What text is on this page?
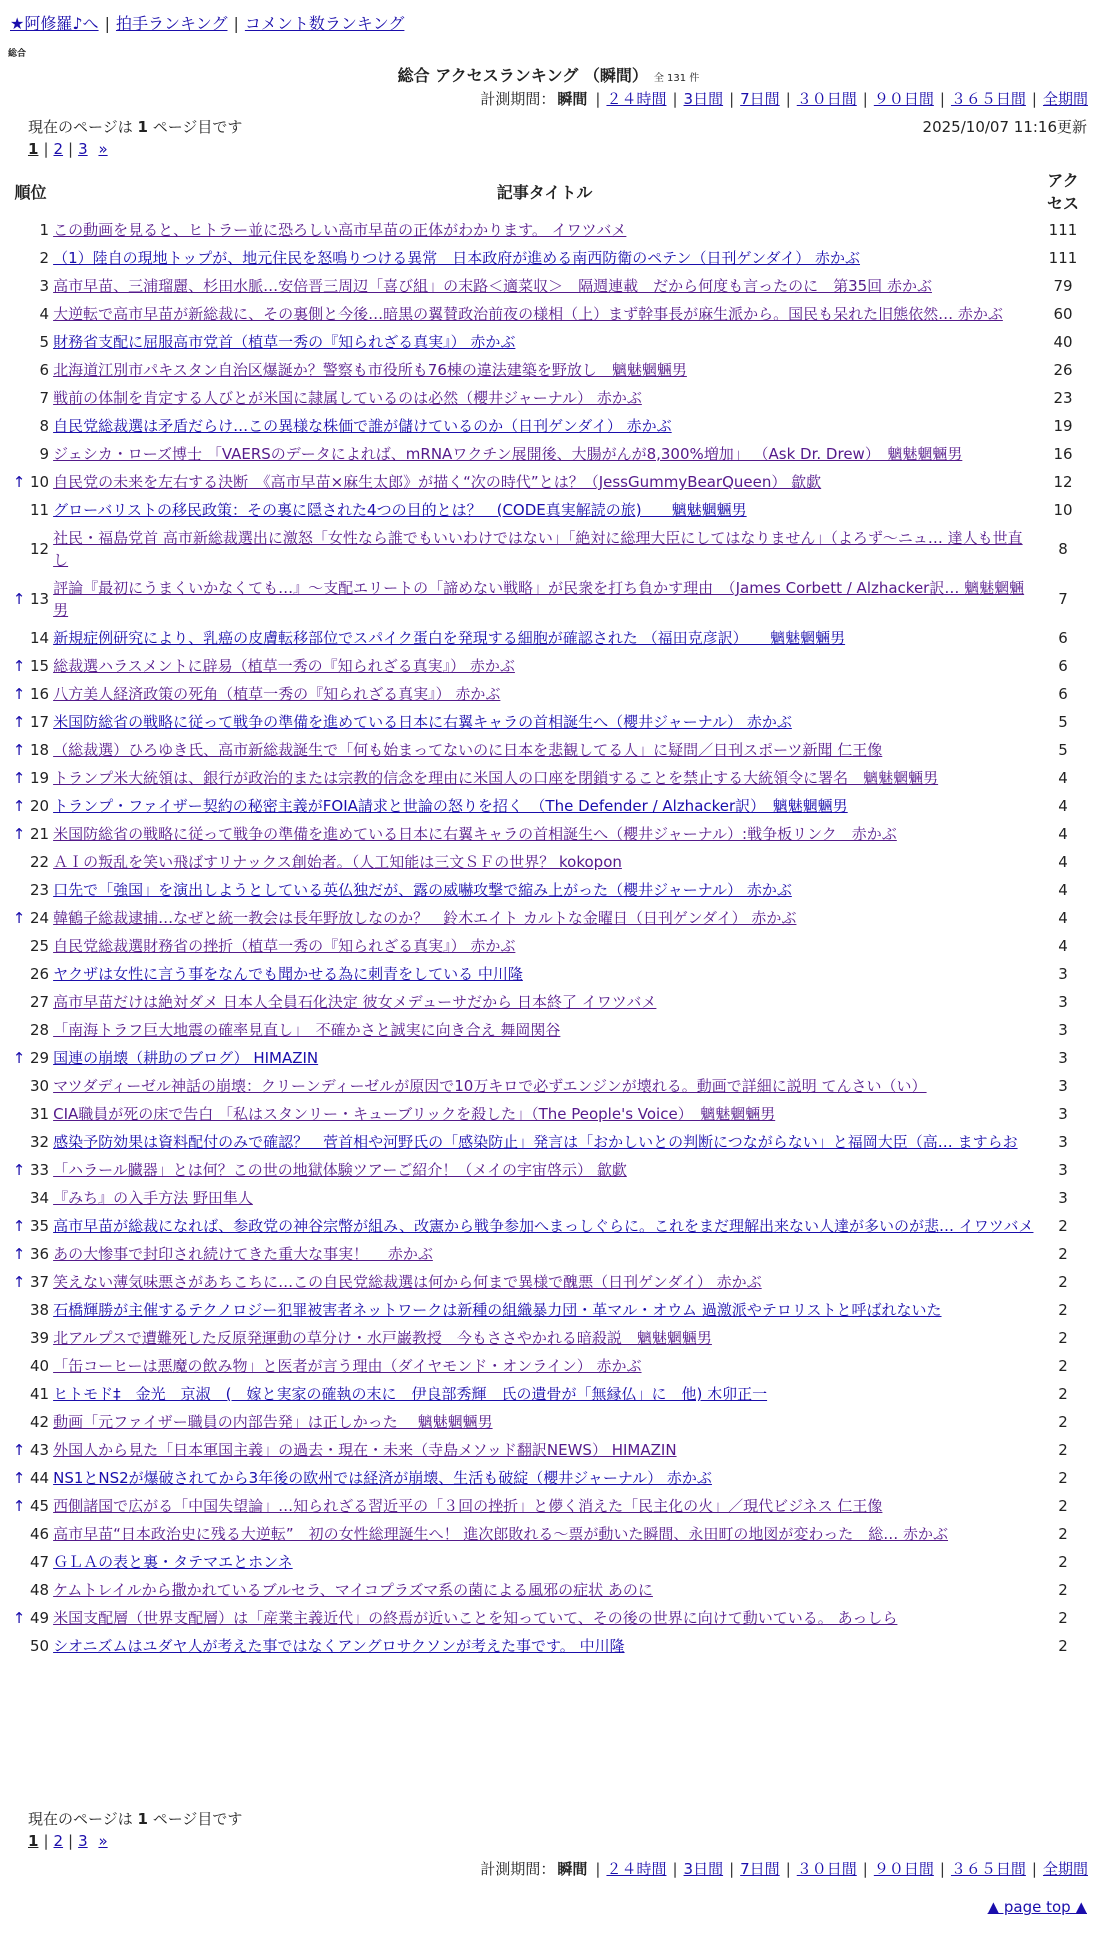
★阿修羅♪へ | 拍手ランキング | コメント数ランキング
総合
総合 アクセスランキング （瞬間） 全 131 件
計測期間： 瞬間 | ２４時間 | 3日間 | 7日間 | ３０日間 | ９０日間 | ３６５日間 | 全期間
現在のページは 1 ページ目です	2025/10/07 11:16更新
1 | 2 | 3 »
順位		記事タイトル	アクセス
	1	この動画を見ると、ヒトラー並に恐ろしい高市早苗の正体がわかります。 イワツバメ	111
	2	（1）陸自の現地トップが、地元住民を怒鳴りつける異常　日本政府が進める南西防衛のペテン（日刊ゲンダイ） 赤かぶ	111
	3	高市早苗、三浦瑠麗、杉田水脈…安倍晋三周辺「喜び組」の末路＜適菜収＞　隔週連載　だから何度も言ったのに　第35回 赤かぶ	79
	4	大逆転で高市早苗が新総裁に、その裏側と今後…暗黒の翼賛政治前夜の様相（上）まず幹事長が麻生派から。国民も呆れた旧態依然… 赤かぶ	60
	5	財務省支配に屈服高市党首（植草一秀の『知られざる真実』） 赤かぶ	40
	6	北海道江別市パキスタン自治区爆誕か？警察も市役所も76棟の違法建築を野放し　魑魅魍魎男	26
	7	戦前の体制を肯定する人びとが米国に隷属しているのは必然（櫻井ジャーナル） 赤かぶ	23
	8	自民党総裁選は矛盾だらけ…この異様な株価で誰が儲けているのか（日刊ゲンダイ） 赤かぶ	19
	9	ジェシカ・ローズ博士 「VAERSのデータによれば、mRNAワクチン展開後、大腸がんが8,300%増加」 （Ask Dr. Drew）　魑魅魍魎男	16
↑	10	自民党の未来を左右する決断　《高市早苗×麻生太郎》が描く“次の時代”とは？（JessGummyBearQueen） 歙歔	12
	11	グローバリストの移民政策：その裏に隠された4つの目的とは？　(CODE真実解読の旅)　　魑魅魍魎男	10
	12	社民・福島党首 高市新総裁選出に激怒「女性なら誰でもいいわけではない」「絶対に総理大臣にしてはなりません」（よろず〜ニュ… 達人も世直し	8
↑	13	評論『最初にうまくいかなくても…』〜支配エリートの「諦めない戦略」が民衆を打ち負かす理由　（James Corbett / Alzhacker訳… 魑魅魍魎男	7
	14	新規症例研究により、乳癌の皮膚転移部位でスパイク蛋白を発現する細胞が確認された （福田克彦訳）　　魑魅魍魎男	6
↑	15	総裁選ハラスメントに辟易（植草一秀の『知られざる真実』） 赤かぶ	6
↑	16	八方美人経済政策の死角（植草一秀の『知られざる真実』） 赤かぶ	6
↑	17	米国防総省の戦略に従って戦争の準備を進めている日本に右翼キャラの首相誕生へ（櫻井ジャーナル） 赤かぶ	5
↑	18	（総裁選）ひろゆき氏、高市新総裁誕生で「何も始まってないのに日本を悲観してる人」に疑問／日刊スポーツ新聞 仁王像	5
↑	19	トランプ米大統領は、銀行が政治的または宗教的信念を理由に米国人の口座を閉鎖することを禁止する大統領令に署名　魑魅魍魎男	4
↑	20	トランプ・ファイザー契約の秘密主義がFOIA請求と世論の怒りを招く　（The Defender / Alzhacker訳）　魑魅魍魎男	4
↑	21	米国防総省の戦略に従って戦争の準備を進めている日本に右翼キャラの首相誕生へ（櫻井ジャーナル）:戦争板リンク　赤かぶ	4
	22	ＡＩの叛乱を笑い飛ばすリナックス創始者。（人工知能は三文ＳＦの世界？ kokopon	4
	23	口先で「強国」を演出しようとしている英仏独だが、露の威嚇攻撃で縮み上がった（櫻井ジャーナル） 赤かぶ	4
↑	24	韓鶴子総裁逮捕…なぜと統一教会は長年野放しなのか？　鈴木エイト カルトな金曜日（日刊ゲンダイ） 赤かぶ	4
	25	自民党総裁選財務省の挫折（植草一秀の『知られざる真実』） 赤かぶ	4
	26	ヤクザは女性に言う事をなんでも聞かせる為に刺青をしている 中川隆	3
	27	高市早苗だけは絶対ダメ 日本人全員石化決定 彼女メデューサだから 日本終了 イワツバメ	3
	28	「南海トラフ巨大地震の確率見直し」　不確かさと誠実に向き合え 舞岡関谷	3
↑	29	国連の崩壊（耕助のブログ） HIMAZIN	3
	30	マツダディーゼル神話の崩壊：クリーンディーゼルが原因で10万キロで必ずエンジンが壊れる。動画で詳細に説明 てんさい（い）	3
	31	CIA職員が死の床で告白 「私はスタンリー・キューブリックを殺した」（The People's Voice）　魑魅魍魎男	3
	32	感染予防効果は資料配付のみで確認？　菅首相や河野氏の「感染防止」発言は「おかしいとの判断につながらない」と福岡大臣（高… ますらお	3
↑	33	「ハラール臓器」とは何？この世の地獄体験ツアーご紹介！（メイの宇宙啓示） 歙歔	3
	34	『みち』の入手方法 野田隼人	3
↑	35	高市早苗が総裁になれば、参政党の神谷宗幣が組み、改憲から戦争参加へまっしぐらに。これをまだ理解出来ない人達が多いのが悲… イワツバメ	2
↑	36	あの大惨事で封印され続けてきた重大な事実！　 赤かぶ	2
↑	37	笑えない薄気味悪さがあちこちに…この自民党総裁選は何から何まで異様で醜悪（日刊ゲンダイ） 赤かぶ	2
	38	石橋輝勝が主催するテクノロジー犯罪被害者ネットワークは新種の組織暴力団・革マル・オウム 過激派やテロリストと呼ばれないた	2
	39	北アルプスで遭難死した反原発運動の草分け・水戸巌教授　今もささやかれる暗殺説　魑魅魍魎男	2
	40	「缶コーヒーは悪魔の飲み物」と医者が言う理由（ダイヤモンド・オンライン） 赤かぶ	2
	41	ヒトモド‡　金光　京淑　(　嫁と実家の確執の末に　伊良部秀輝　氏の遺骨が「無縁仏」に　他) 木卯正一	2
	42	動画「元ファイザー職員の内部告発」は正しかった　 魑魅魍魎男	2
↑	43	外国人から見た「日本軍国主義」の過去・現在・未来（寺島メソッド翻訳NEWS） HIMAZIN	2
↑	44	NS1とNS2が爆破されてから3年後の欧州では経済が崩壊、生活も破綻（櫻井ジャーナル） 赤かぶ	2
↑	45	西側諸国で広がる「中国失望論」…知られざる習近平の「３回の挫折」と儚く消えた「民主化の火」／現代ビジネス 仁王像	2
	46	高市早苗“日本政治史に残る大逆転”　初の女性総理誕生へ！ 進次郎敗れる〜票が動いた瞬間、永田町の地図が変わった　総… 赤かぶ	2
	47	ＧＬＡの表と裏・タテマエとホンネ	2
	48	ケムトレイルから撒かれているブルセラ、マイコプラズマ系の菌による風邪の症状 あのに	2
↑	49	米国支配層（世界支配層）は「産業主義近代」の終焉が近いことを知っていて、その後の世界に向けて動いている。 あっしら	2
	50	シオニズムはユダヤ人が考えた事ではなくアングロサクソンが考えた事です。 中川隆	2
現在のページは 1 ページ目です
1 | 2 | 3 »
計測期間： 瞬間 | ２４時間 | 3日間 | 7日間 | ３０日間 | ９０日間 | ３６５日間 | 全期間
▲ page top ▲
